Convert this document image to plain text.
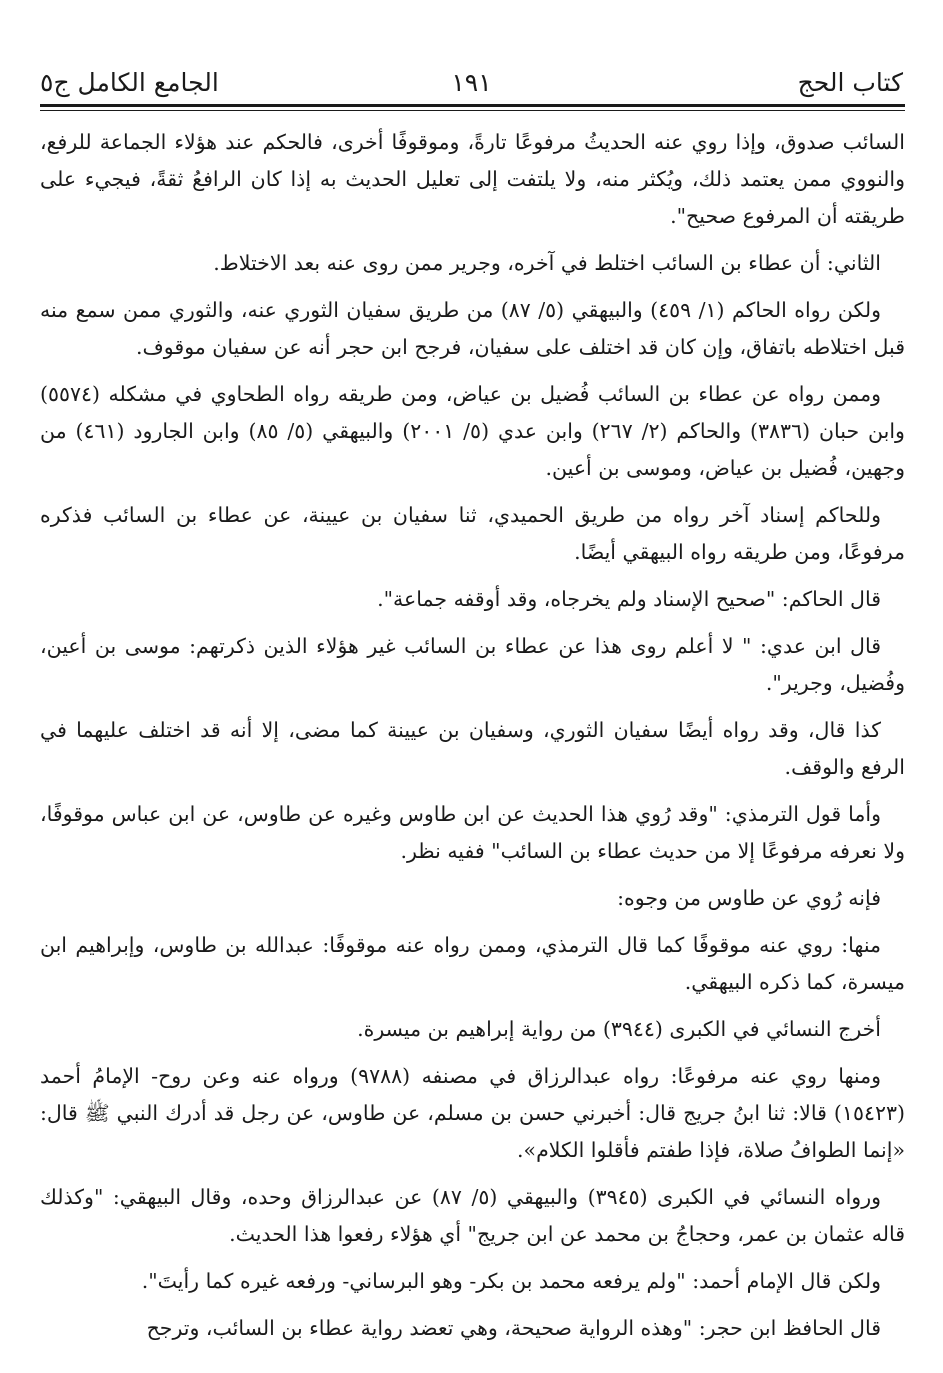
كتاب الحج
١٩١
الجامع الكامل ج٥

السائب صدوق، وإذا روي عنه الحديثُ مرفوعًا تارةً، وموقوفًا أخرى، فالحكم عند هؤلاء الجماعة للرفع، والنووي ممن يعتمد ذلك، ويُكثر منه، ولا يلتفت إلى تعليل الحديث به إذا كان الرافعُ ثقةً، فيجيء على طريقته أن المرفوع صحيح".

الثاني: أن عطاء بن السائب اختلط في آخره، وجرير ممن روى عنه بعد الاختلاط.

ولكن رواه الحاكم (١/ ٤٥٩) والبيهقي (٥/ ٨٧) من طريق سفيان الثوري عنه، والثوري ممن سمع منه قبل اختلاطه باتفاق، وإن كان قد اختلف على سفيان، فرجح ابن حجر أنه عن سفيان موقوف.

وممن رواه عن عطاء بن السائب فُضيل بن عياض، ومن طريقه رواه الطحاوي في مشكله (٥٥٧٤) وابن حبان (٣٨٣٦) والحاكم (٢/ ٢٦٧) وابن عدي (٥/ ٢٠٠١) والبيهقي (٥/ ٨٥) وابن الجارود (٤٦١) من وجهين، فُضيل بن عياض، وموسى بن أعين.

وللحاكم إسناد آخر رواه من طريق الحميدي، ثنا سفيان بن عيينة، عن عطاء بن السائب فذكره مرفوعًا، ومن طريقه رواه البيهقي أيضًا.

قال الحاكم: "صحيح الإسناد ولم يخرجاه، وقد أوقفه جماعة".

قال ابن عدي: " لا أعلم روى هذا عن عطاء بن السائب غير هؤلاء الذين ذكرتهم: موسى بن أعين، وفُضيل، وجرير".

كذا قال، وقد رواه أيضًا سفيان الثوري، وسفيان بن عيينة كما مضى، إلا أنه قد اختلف عليهما في الرفع والوقف.

وأما قول الترمذي: "وقد رُوي هذا الحديث عن ابن طاوس وغيره عن طاوس، عن ابن عباس موقوفًا، ولا نعرفه مرفوعًا إلا من حديث عطاء بن السائب" ففيه نظر.

فإنه رُوي عن طاوس من وجوه:

منها: روي عنه موقوفًا كما قال الترمذي، وممن رواه عنه موقوفًا: عبدالله بن طاوس، وإبراهيم ابن ميسرة، كما ذكره البيهقي.

أخرج النسائي في الكبرى (٣٩٤٤) من رواية إبراهيم بن ميسرة.

ومنها روي عنه مرفوعًا: رواه عبدالرزاق في مصنفه (٩٧٨٨) ورواه عنه وعن روح- الإمامُ أحمد (١٥٤٢٣) قالا: ثنا ابنُ جريج قال: أخبرني حسن بن مسلم، عن طاوس، عن رجل قد أدرك النبي ﷺ قال: «إنما الطوافُ صلاة، فإذا طفتم فأقلوا الكلام».

ورواه النسائي في الكبرى (٣٩٤٥) والبيهقي (٥/ ٨٧) عن عبدالرزاق وحده، وقال البيهقي: "وكذلك قاله عثمان بن عمر، وحجاجُ بن محمد عن ابن جريج" أي هؤلاء رفعوا هذا الحديث.

ولكن قال الإمام أحمد: "ولم يرفعه محمد بن بكر- وهو البرساني- ورفعه غيره كما رأيتَ".

قال الحافظ ابن حجر: "وهذه الرواية صحيحة، وهي تعضد رواية عطاء بن السائب، وترجح
